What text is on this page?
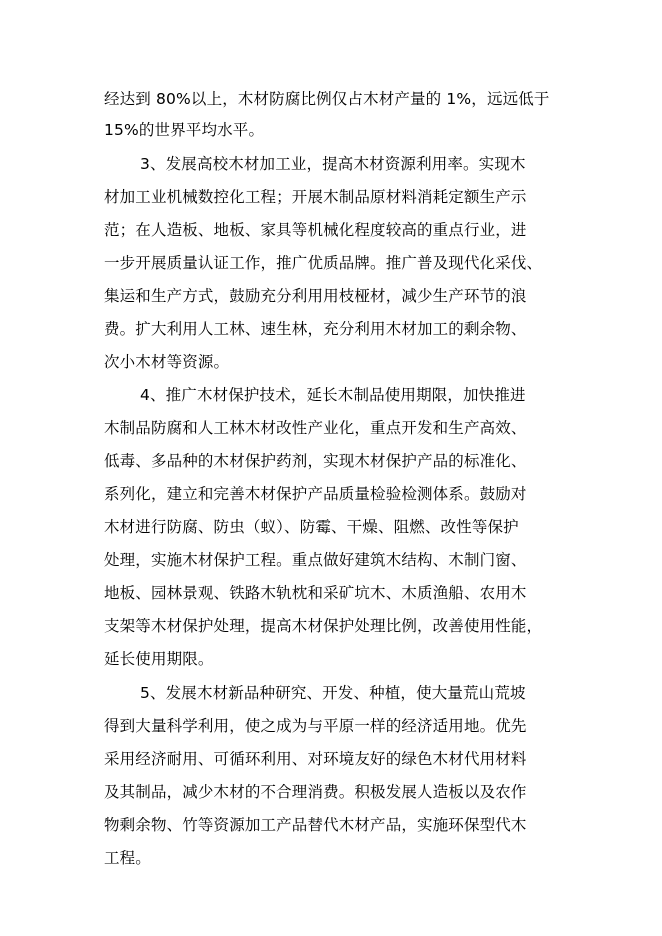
经达到 80%以上，木材防腐比例仅占木材产量的 1%，远远低于
15%的世界平均水平。
3、发展高校木材加工业，提高木材资源利用率。实现木
材加工业机械数控化工程；开展木制品原材料消耗定额生产示
范；在人造板、地板、家具等机械化程度较高的重点行业，进
一步开展质量认证工作，推广优质品牌。推广普及现代化采伐、
集运和生产方式，鼓励充分利用用枝桠材，减少生产环节的浪
费。扩大利用人工林、速生林，充分利用木材加工的剩余物、
次小木材等资源。
4、推广木材保护技术，延长木制品使用期限，加快推进
木制品防腐和人工林木材改性产业化，重点开发和生产高效、
低毒、多品种的木材保护药剂，实现木材保护产品的标准化、
系列化，建立和完善木材保护产品质量检验检测体系。鼓励对
木材进行防腐、防虫（蚁）、防霉、干燥、阻燃、改性等保护
处理，实施木材保护工程。重点做好建筑木结构、木制门窗、
地板、园林景观、铁路木轨枕和采矿坑木、木质渔船、农用木
支架等木材保护处理，提高木材保护处理比例，改善使用性能，
延长使用期限。
5、发展木材新品种研究、开发、种植，使大量荒山荒坡
得到大量科学利用，使之成为与平原一样的经济适用地。优先
采用经济耐用、可循环利用、对环境友好的绿色木材代用材料
及其制品，减少木材的不合理消费。积极发展人造板以及农作
物剩余物、竹等资源加工产品替代木材产品，实施环保型代木
工程。
